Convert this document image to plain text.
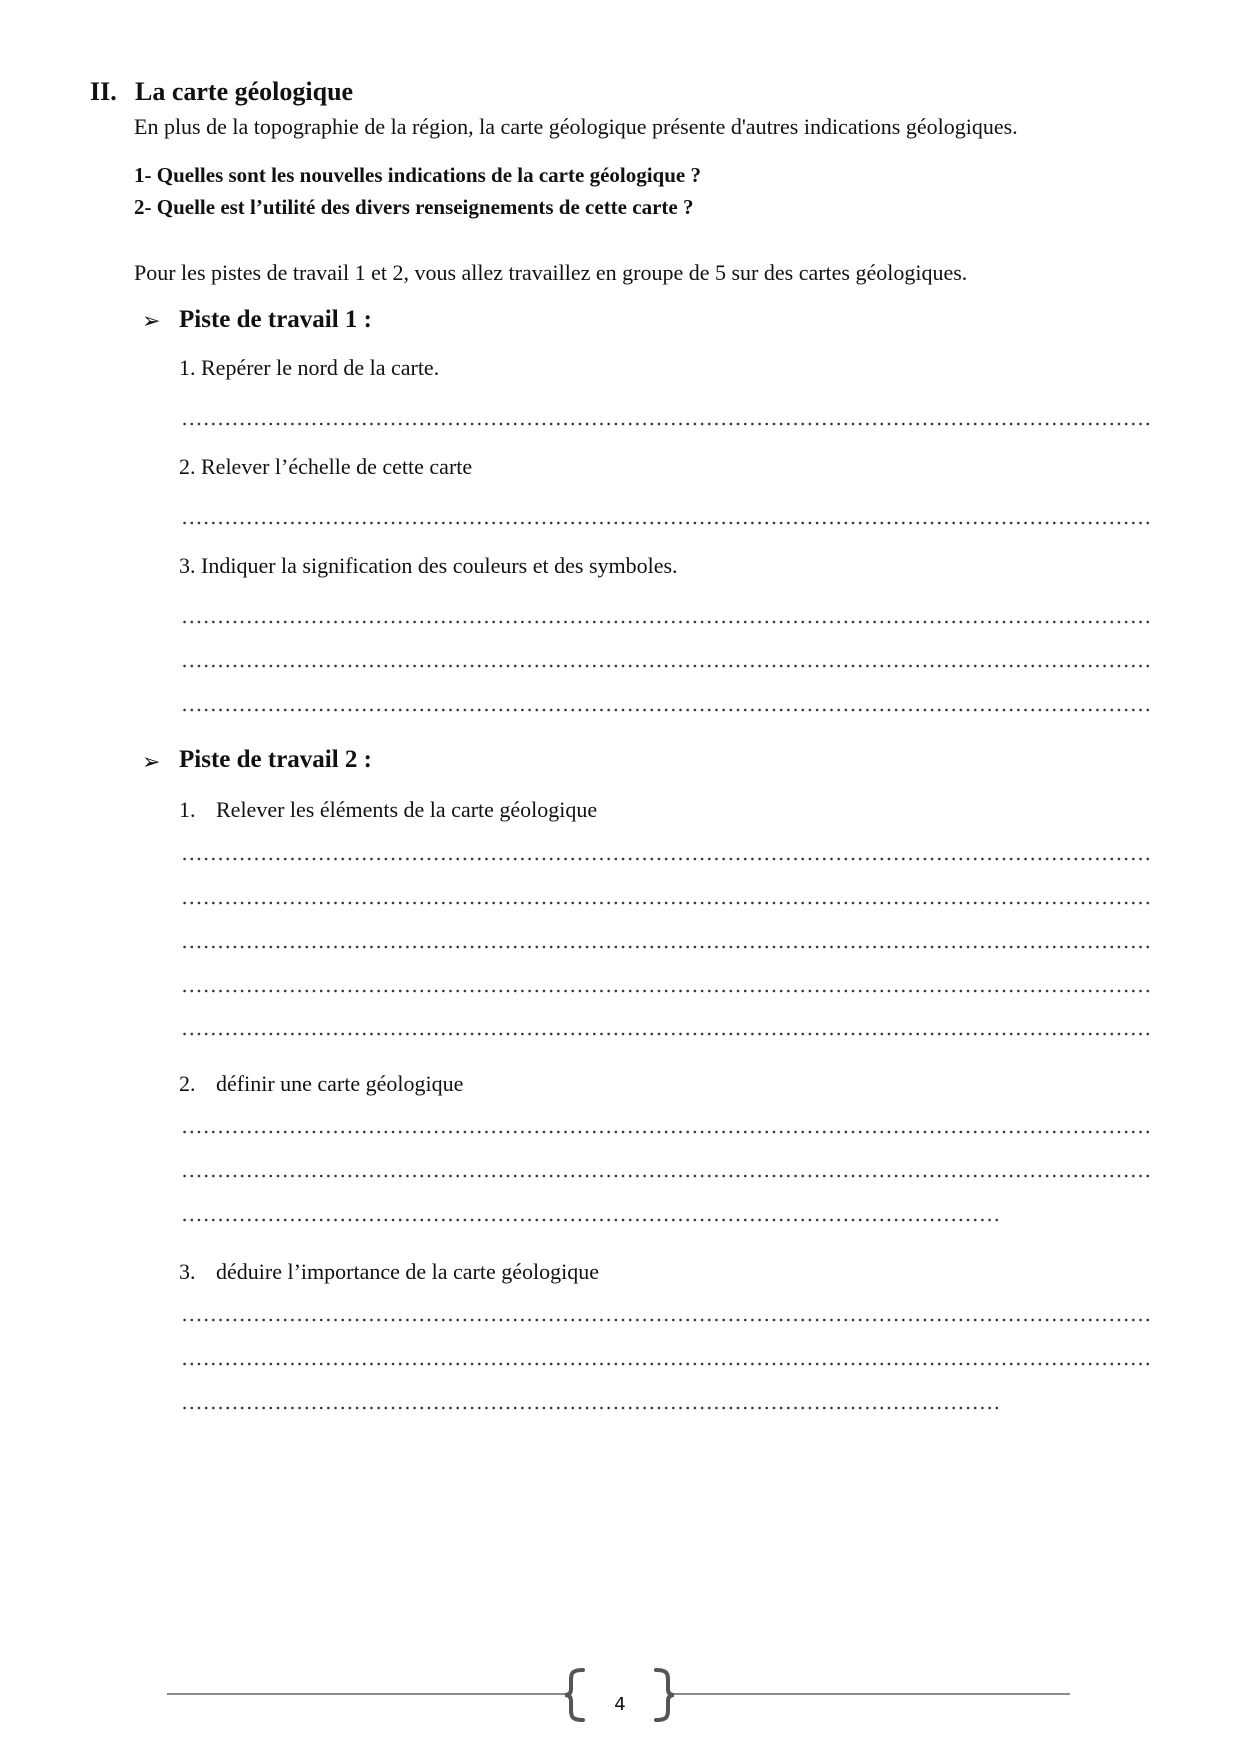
II. La carte géologique
En plus de la topographie de la région, la carte géologique présente d'autres indications géologiques.
1- Quelles sont les nouvelles indications de la carte géologique ?
2- Quelle est l’utilité des divers renseignements de cette carte ?
Pour les pistes de travail 1 et 2, vous allez travaillez en groupe de 5 sur des cartes géologiques.
➢ Piste de travail 1 :
1. Repérer le nord de la carte.
2. Relever l’échelle de cette carte
3. Indiquer la signification des couleurs et des symboles.
➢ Piste de travail 2 :
1. Relever les éléments de la carte géologique
2. définir une carte géologique
3. déduire l’importance de la carte géologique
4
